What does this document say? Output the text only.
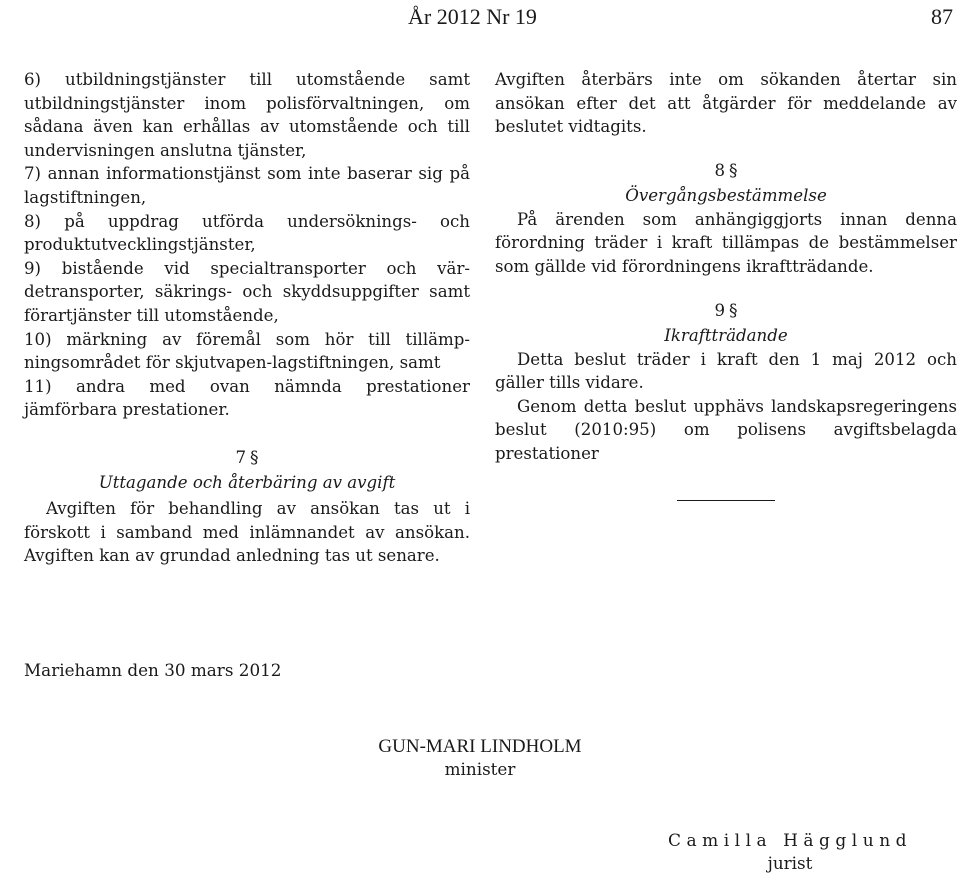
År 2012 Nr 19	87

6) utbildningstjänster till utomstående samt utbildningstjänster inom polisförvaltningen, om sådana även kan erhållas av utomstående och till undervisningen anslutna tjänster,

7) annan informationstjänst som inte baserar sig på lagstiftningen,

8) på uppdrag utförda undersöknings- och produktutvecklingstjänster,

9) bistående vid specialtransporter och värdetransporter, säkrings- och skyddsuppgifter samt förartjänster till utomstående,

10) märkning av föremål som hör till tillämpningsområdet för skjutvapen-lagstiftningen, samt

11) andra med ovan nämnda prestationer jämförbara prestationer.

7 §

Uttagande och återbäring av avgift

Avgiften för behandling av ansökan tas ut i förskott i samband med inlämnandet av ansökan. Avgiften kan av grundad anledning tas ut senare.

Avgiften återbärs inte om sökanden återtar sin ansökan efter det att åtgärder för meddelande av beslutet vidtagits.

8 §

Övergångsbestämmelse

På ärenden som anhängiggjorts innan denna förordning träder i kraft tillämpas de bestämmelser som gällde vid förordningens ikraftträdande.

9 §

Ikraftträdande

Detta beslut träder i kraft den 1 maj 2012 och gäller tills vidare.

Genom detta beslut upphävs landskapsregeringens beslut (2010:95) om polisens avgiftsbelagda prestationer

Mariehamn den 30 mars 2012
GUN-MARI LINDHOLM
minister
Camilla Hägglund
jurist
